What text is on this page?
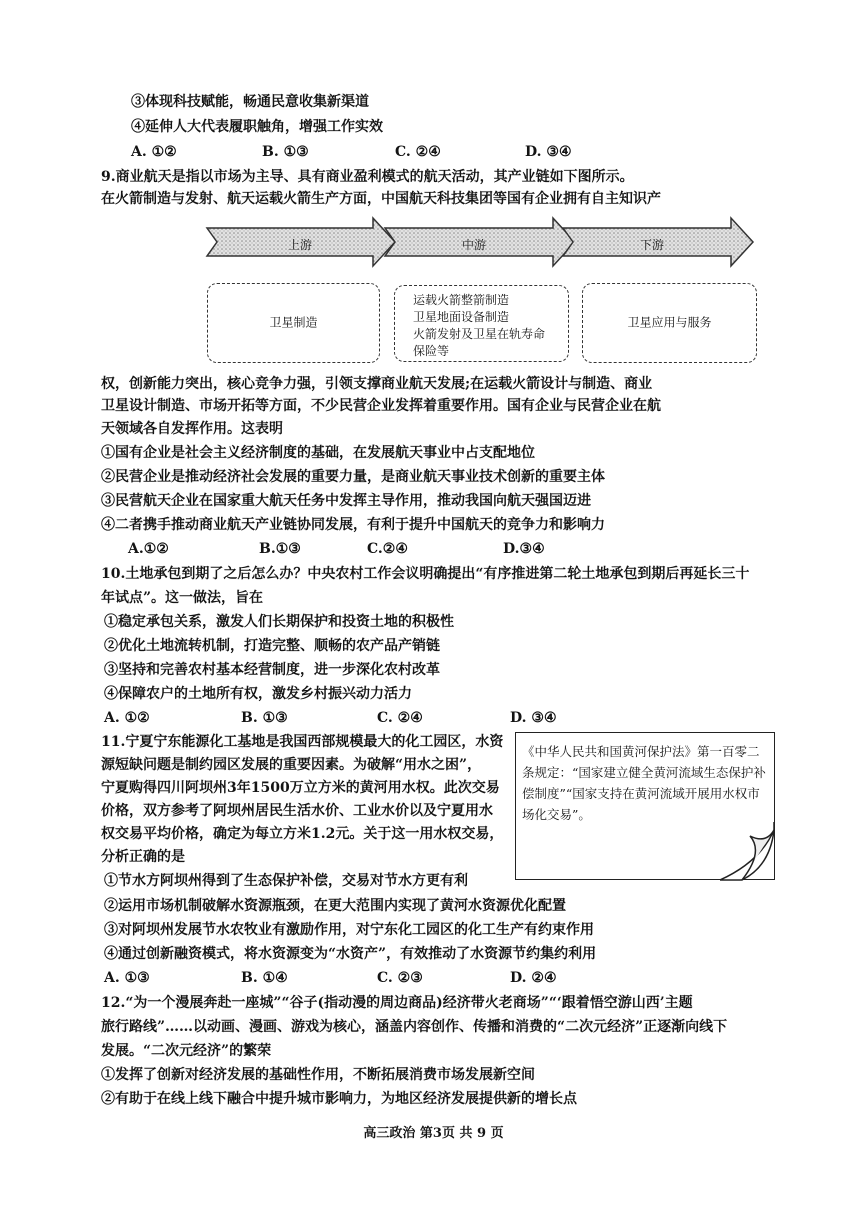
③体现科技赋能，畅通民意收集新渠道
④延伸人大代表履职触角，增强工作实效
A. ①②	B. ①③	C. ②④	D. ③④
9.商业航天是指以市场为主导、具有商业盈利模式的航天活动，其产业链如下图所示。
在火箭制造与发射、航天运载火箭生产方面，中国航天科技集团等国有企业拥有自主知识产
上游	中游	下游
卫星制造
运载火箭整箭制造
卫星地面设备制造
火箭发射及卫星在轨寿命
保险等
卫星应用与服务
权，创新能力突出，核心竞争力强，引领支撑商业航天发展;在运载火箭设计与制造、商业
卫星设计制造、市场开拓等方面，不少民营企业发挥着重要作用。国有企业与民营企业在航
天领域各自发挥作用。这表明
①国有企业是社会主义经济制度的基础，在发展航天事业中占支配地位
②民营企业是推动经济社会发展的重要力量，是商业航天事业技术创新的重要主体
③民营航天企业在国家重大航天任务中发挥主导作用，推动我国向航天强国迈进
④二者携手推动商业航天产业链协同发展，有利于提升中国航天的竞争力和影响力
A.①②	B.①③	C.②④	D.③④
10.土地承包到期了之后怎么办？中央农村工作会议明确提出“有序推进第二轮土地承包到期后再延长三十
年试点”。这一做法，旨在
①稳定承包关系，激发人们长期保护和投资土地的积极性
②优化土地流转机制，打造完整、顺畅的农产品产销链
③坚持和完善农村基本经营制度，进一步深化农村改革
④保障农户的土地所有权，激发乡村振兴动力活力
A. ①②	B. ①③	C. ②④	D. ③④
11.宁夏宁东能源化工基地是我国西部规模最大的化工园区，水资
源短缺问题是制约园区发展的重要因素。为破解“用水之困”，
宁夏购得四川阿坝州3年1500万立方米的黄河用水权。此次交易
价格，双方参考了阿坝州居民生活水价、工业水价以及宁夏用水
权交易平均价格，确定为每立方米1.2元。关于这一用水权交易，
分析正确的是
《中华人民共和国黄河保护法》第一百零二条规定：“国家建立健全黄河流域生态保护补偿制度”“国家支持在黄河流域开展用水权市场化交易”。
①节水方阿坝州得到了生态保护补偿，交易对节水方更有利
②运用市场机制破解水资源瓶颈，在更大范围内实现了黄河水资源优化配置
③对阿坝州发展节水农牧业有激励作用，对宁东化工园区的化工生产有约束作用
④通过创新融资模式，将水资源变为“水资产”，有效推动了水资源节约集约利用
A. ①③	B. ①④	C. ②③	D. ②④
12.“为一个漫展奔赴一座城”“谷子(指动漫的周边商品)经济带火老商场”“‘跟着悟空游山西’主题
旅行路线”……以动画、漫画、游戏为核心，涵盖内容创作、传播和消费的“二次元经济”正逐渐向线下
发展。“二次元经济”的繁荣
①发挥了创新对经济发展的基础性作用，不断拓展消费市场发展新空间
②有助于在线上线下融合中提升城市影响力，为地区经济发展提供新的增长点
高三政治 第3页 共 9 页
